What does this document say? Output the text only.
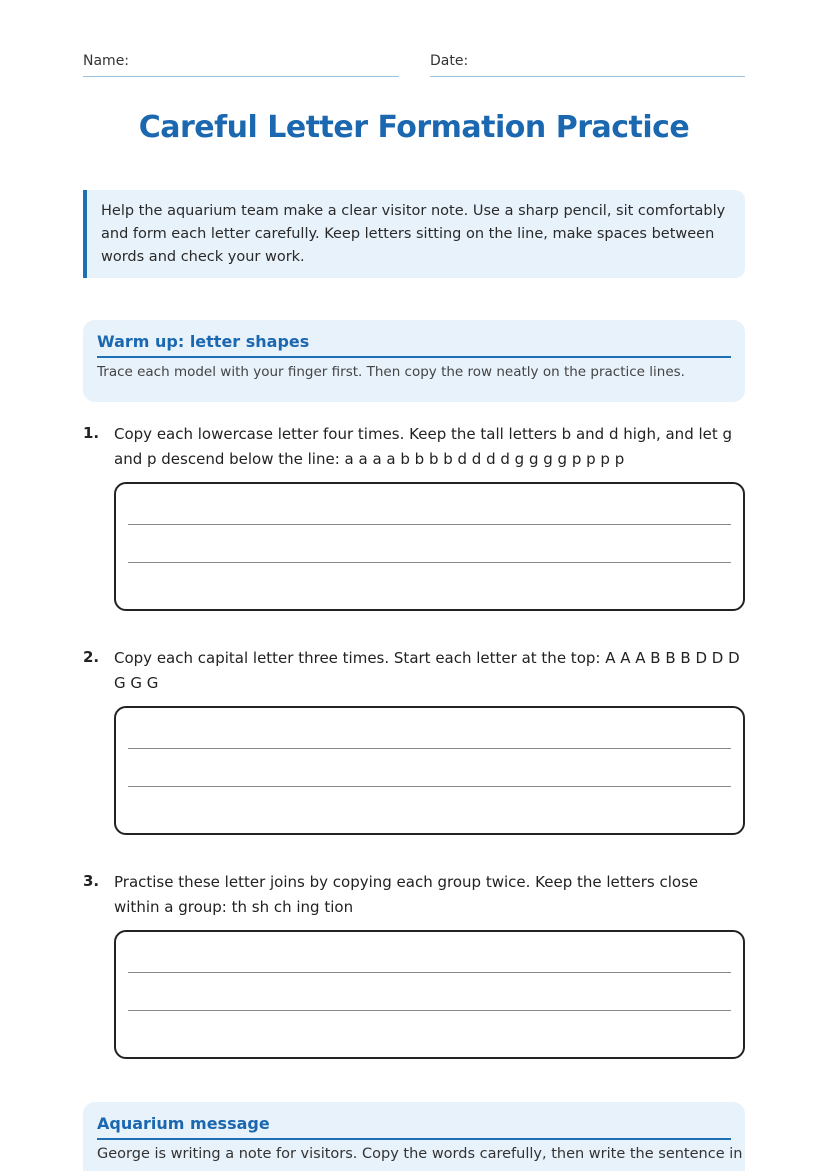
Name:	Date:
Careful Letter Formation Practice
Help the aquarium team make a clear visitor note. Use a sharp pencil, sit comfortably and form each letter carefully. Keep letters sitting on the line, make spaces between words and check your work.
Warm up: letter shapes
Trace each model with your finger first. Then copy the row neatly on the practice lines.
1. Copy each lowercase letter four times. Keep the tall letters b and d high, and let g and p descend below the line: a a a a b b b b d d d d g g g g p p p p
2. Copy each capital letter three times. Start each letter at the top: A A A B B B D D D G G G
3. Practise these letter joins by copying each group twice. Keep the letters close within a group: th sh ch ing tion
Aquarium message
George is writing a note for visitors. Copy the words carefully, then write the sentence in
